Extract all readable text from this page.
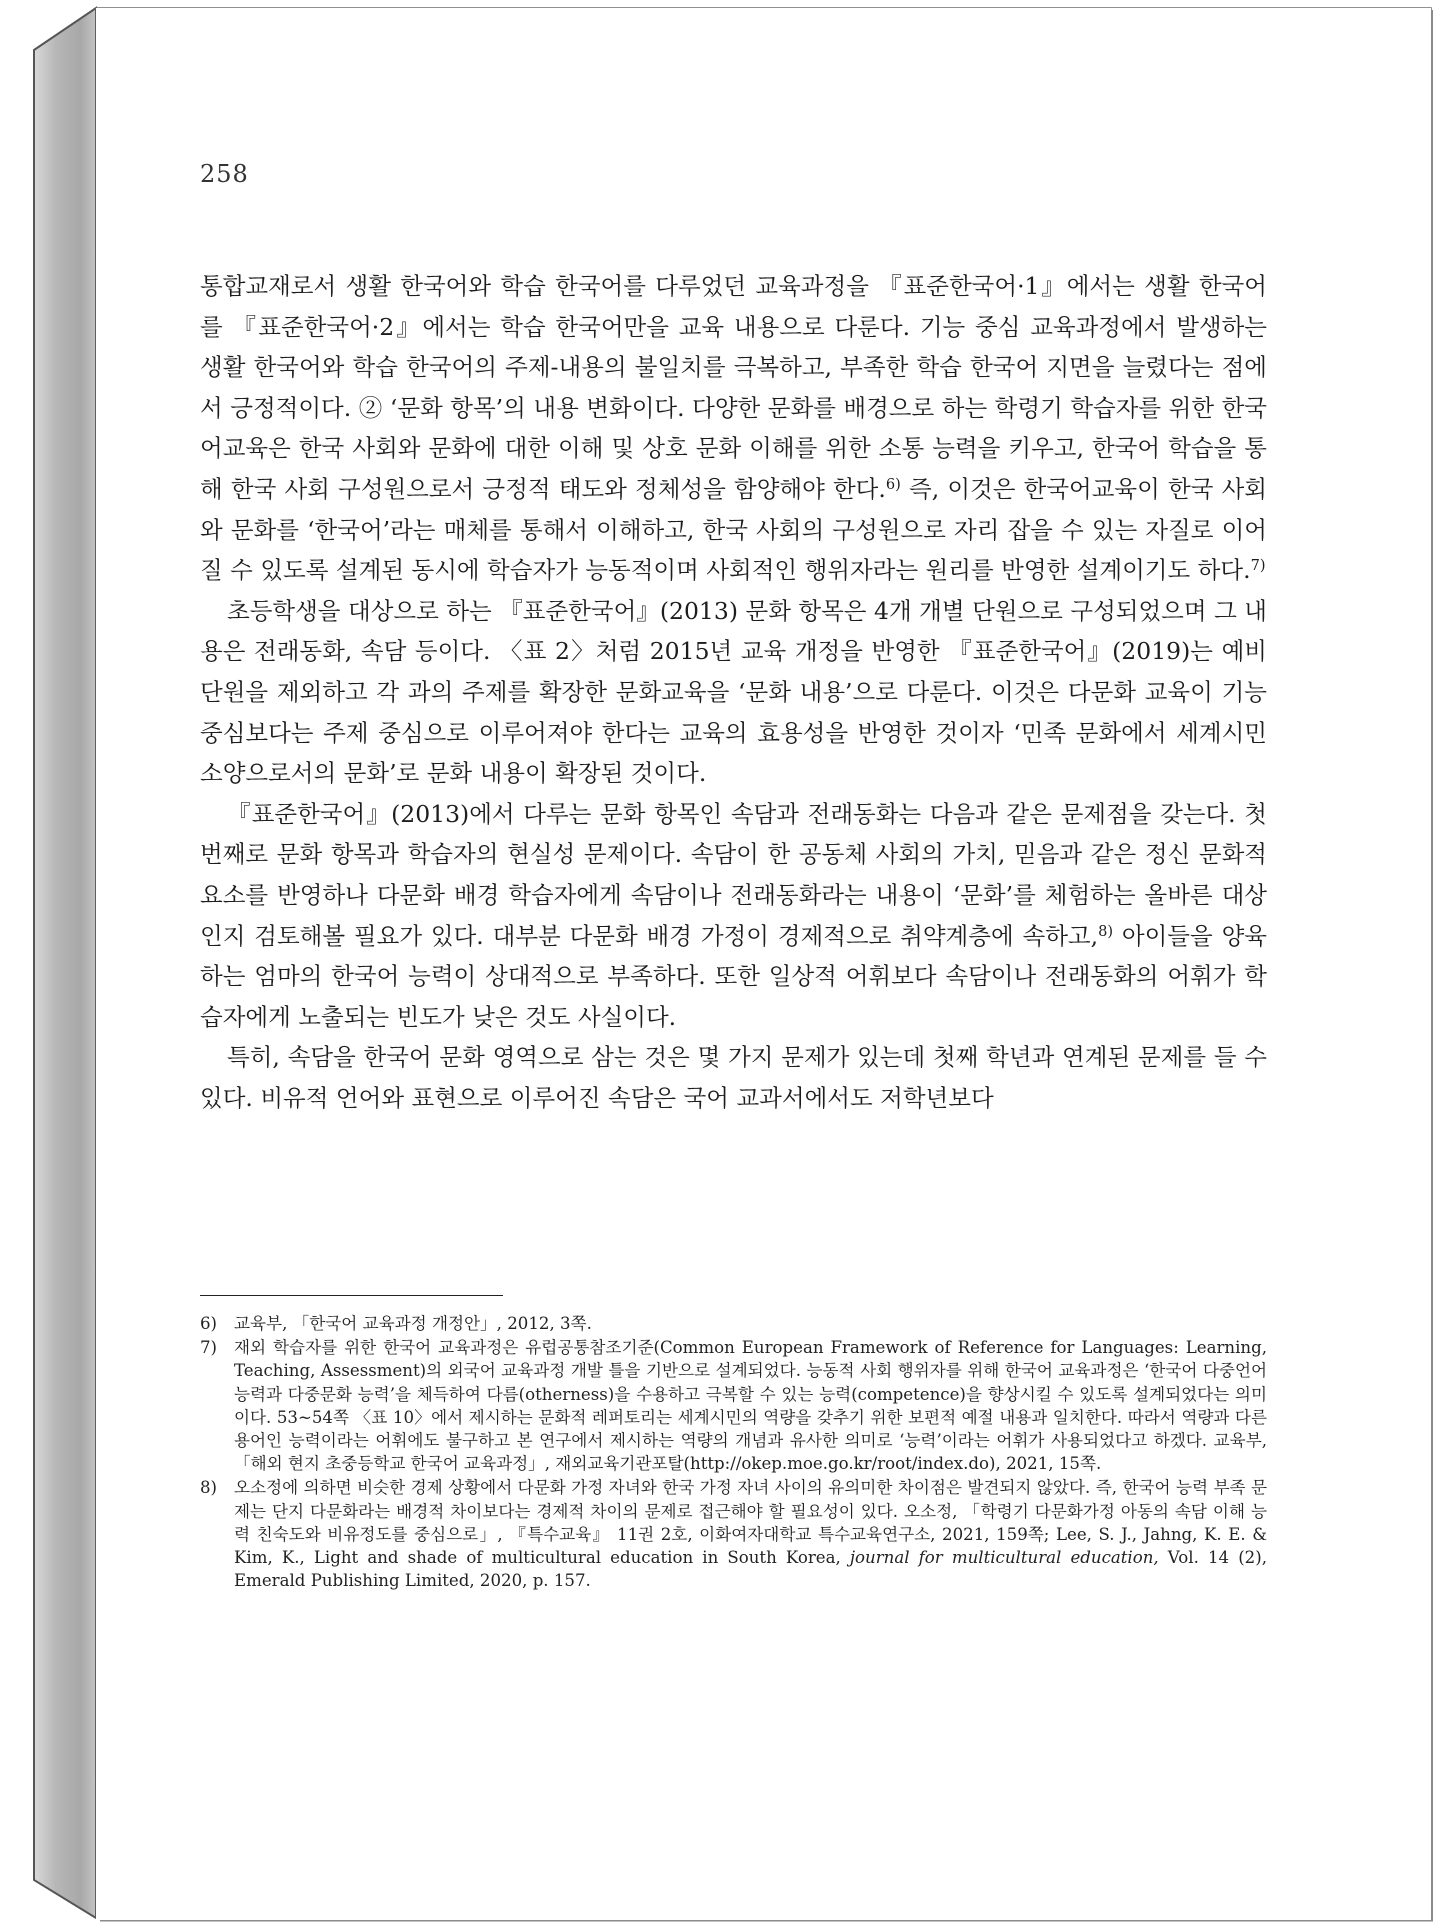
258

통합교재로서 생활 한국어와 학습 한국어를 다루었던 교육과정을 『표준한국어·1』에서는 생활 한국어를 『표준한국어·2』에서는 학습 한국어만을 교육 내용으로 다룬다. 기능 중심 교육과정에서 발생하는 생활 한국어와 학습 한국어의 주제-내용의 불일치를 극복하고, 부족한 학습 한국어 지면을 늘렸다는 점에서 긍정적이다. ② ‘문화 항목’의 내용 변화이다. 다양한 문화를 배경으로 하는 학령기 학습자를 위한 한국어교육은 한국 사회와 문화에 대한 이해 및 상호 문화 이해를 위한 소통 능력을 키우고, 한국어 학습을 통해 한국 사회 구성원으로서 긍정적 태도와 정체성을 함양해야 한다.$^{6)}$ 즉, 이것은 한국어교육이 한국 사회와 문화를 ‘한국어’라는 매체를 통해서 이해하고, 한국 사회의 구성원으로 자리 잡을 수 있는 자질로 이어질 수 있도록 설계된 동시에 학습자가 능동적이며 사회적인 행위자라는 원리를 반영한 설계이기도 하다.$^{7)}$

초등학생을 대상으로 하는 『표준한국어』(2013) 문화 항목은 4개 개별 단원으로 구성되었으며 그 내용은 전래동화, 속담 등이다. 〈표 2〉처럼 2015년 교육 개정을 반영한 『표준한국어』(2019)는 예비 단원을 제외하고 각 과의 주제를 확장한 문화교육을 ‘문화 내용’으로 다룬다. 이것은 다문화 교육이 기능 중심보다는 주제 중심으로 이루어져야 한다는 교육의 효용성을 반영한 것이자 ‘민족 문화에서 세계시민 소양으로서의 문화’로 문화 내용이 확장된 것이다.

『표준한국어』(2013)에서 다루는 문화 항목인 속담과 전래동화는 다음과 같은 문제점을 갖는다. 첫 번째로 문화 항목과 학습자의 현실성 문제이다. 속담이 한 공동체 사회의 가치, 믿음과 같은 정신 문화적 요소를 반영하나 다문화 배경 학습자에게 속담이나 전래동화라는 내용이 ‘문화’를 체험하는 올바른 대상인지 검토해볼 필요가 있다. 대부분 다문화 배경 가정이 경제적으로 취약계층에 속하고,$^{8)}$ 아이들을 양육하는 엄마의 한국어 능력이 상대적으로 부족하다. 또한 일상적 어휘보다 속담이나 전래동화의 어휘가 학습자에게 노출되는 빈도가 낮은 것도 사실이다.

특히, 속담을 한국어 문화 영역으로 삼는 것은 몇 가지 문제가 있는데 첫째 학년과 연계된 문제를 들 수 있다. 비유적 언어와 표현으로 이루어진 속담은 국어 교과서에서도 저학년보다

6)	교육부, 「한국어 교육과정 개정안」, 2012, 3쪽.
7)	재외 학습자를 위한 한국어 교육과정은 유럽공통참조기준(Common European Framework of Reference for Languages: Learning, Teaching, Assessment)의 외국어 교육과정 개발 틀을 기반으로 설계되었다. 능동적 사회 행위자를 위해 한국어 교육과정은 ‘한국어 다중언어 능력과 다중문화 능력’을 체득하여 다름(otherness)을 수용하고 극복할 수 있는 능력(competence)을 향상시킬 수 있도록 설계되었다는 의미이다. 53~54쪽 〈표 10〉에서 제시하는 문화적 레퍼토리는 세계시민의 역량을 갖추기 위한 보편적 예절 내용과 일치한다. 따라서 역량과 다른 용어인 능력이라는 어휘에도 불구하고 본 연구에서 제시하는 역량의 개념과 유사한 의미로 ‘능력’이라는 어휘가 사용되었다고 하겠다. 교육부, 「해외 현지 초중등학교 한국어 교육과정」, 재외교육기관포탈(http://okep.moe.go.kr/root/index.do), 2021, 15쪽.
8)	오소정에 의하면 비슷한 경제 상황에서 다문화 가정 자녀와 한국 가정 자녀 사이의 유의미한 차이점은 발견되지 않았다. 즉, 한국어 능력 부족 문제는 단지 다문화라는 배경적 차이보다는 경제적 차이의 문제로 접근해야 할 필요성이 있다. 오소정, 「학령기 다문화가정 아동의 속담 이해 능력 친숙도와 비유정도를 중심으로」, 『특수교육』 11권 2호, 이화여자대학교 특수교육연구소, 2021, 159쪽; Lee, S. J., Jahng, K. E. & Kim, K., Light and shade of multicultural education in South Korea, journal for multicultural education, Vol. 14 (2), Emerald Publishing Limited, 2020, p. 157.
